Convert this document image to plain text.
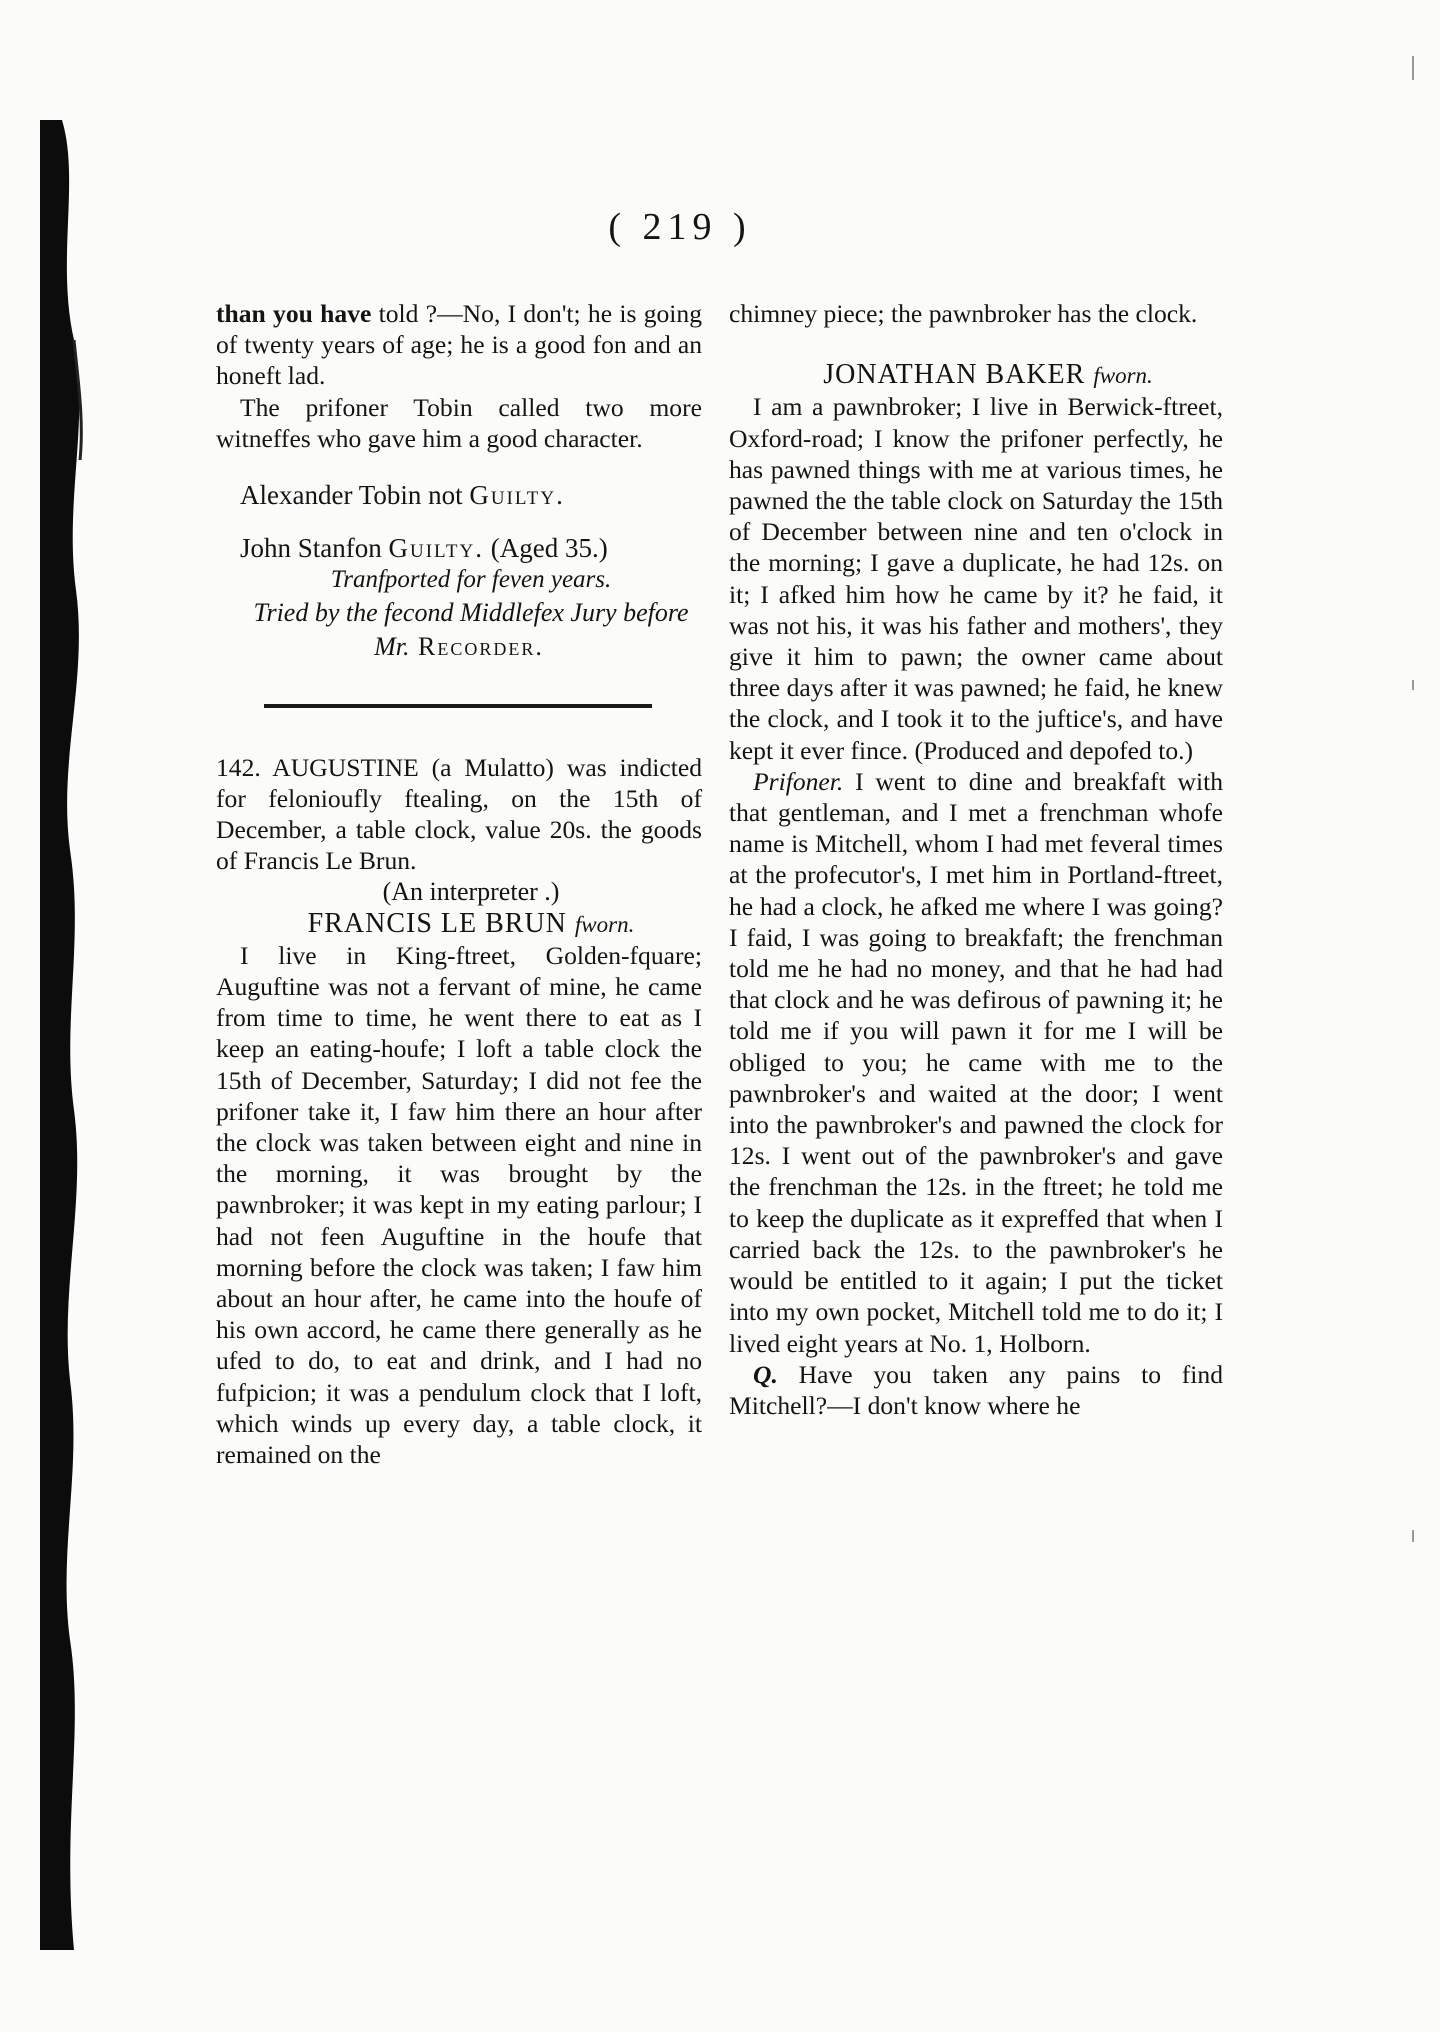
( 219 )

than you have told ?—No, I don't; he is going of twenty years of age; he is a good fon and an honeft lad.

The prifoner Tobin called two more witneffes who gave him a good character.

Alexander Tobin not Guilty.

John Stanfon Guilty. (Aged 35.)

Tranfported for feven years.

Tried by the fecond Middlefex Jury before
Mr. Recorder.

142. AUGUSTINE (a Mulatto) was indicted for felonioufly ftealing, on the 15th of December, a table clock, value 20s. the goods of Francis Le Brun.

(An interpreter .)

FRANCIS LE BRUN fworn.

I live in King-ftreet, Golden-fquare; Auguftine was not a fervant of mine, he came from time to time, he went there to eat as I keep an eating-houfe; I loft a table clock the 15th of December, Saturday; I did not fee the prifoner take it, I faw him there an hour after the clock was taken between eight and nine in the morning, it was brought by the pawnbroker; it was kept in my eating parlour; I had not feen Auguftine in the houfe that morning before the clock was taken; I faw him about an hour after, he came into the houfe of his own accord, he came there generally as he ufed to do, to eat and drink, and I had no fufpicion; it was a pendulum clock that I loft, which winds up every day, a table clock, it remained on the

chimney piece; the pawnbroker has the clock.

JONATHAN BAKER fworn.

I am a pawnbroker; I live in Berwick-ftreet, Oxford-road; I know the prifoner perfectly, he has pawned things with me at various times, he pawned the the table clock on Saturday the 15th of December between nine and ten o'clock in the morning; I gave a duplicate, he had 12s. on it; I afked him how he came by it? he faid, it was not his, it was his father and mothers', they give it him to pawn; the owner came about three days after it was pawned; he faid, he knew the clock, and I took it to the juftice's, and have kept it ever fince. (Produced and depofed to.)

Prifoner. I went to dine and breakfaft with that gentleman, and I met a frenchman whofe name is Mitchell, whom I had met feveral times at the profecutor's, I met him in Portland-ftreet, he had a clock, he afked me where I was going? I faid, I was going to breakfaft; the frenchman told me he had no money, and that he had had that clock and he was defirous of pawning it; he told me if you will pawn it for me I will be obliged to you; he came with me to the pawnbroker's and waited at the door; I went into the pawnbroker's and pawned the clock for 12s. I went out of the pawnbroker's and gave the frenchman the 12s. in the ftreet; he told me to keep the duplicate as it expreffed that when I carried back the 12s. to the pawnbroker's he would be entitled to it again; I put the ticket into my own pocket, Mitchell told me to do it; I lived eight years at No. 1, Holborn.

Q. Have you taken any pains to find Mitchell?—I don't know where he
